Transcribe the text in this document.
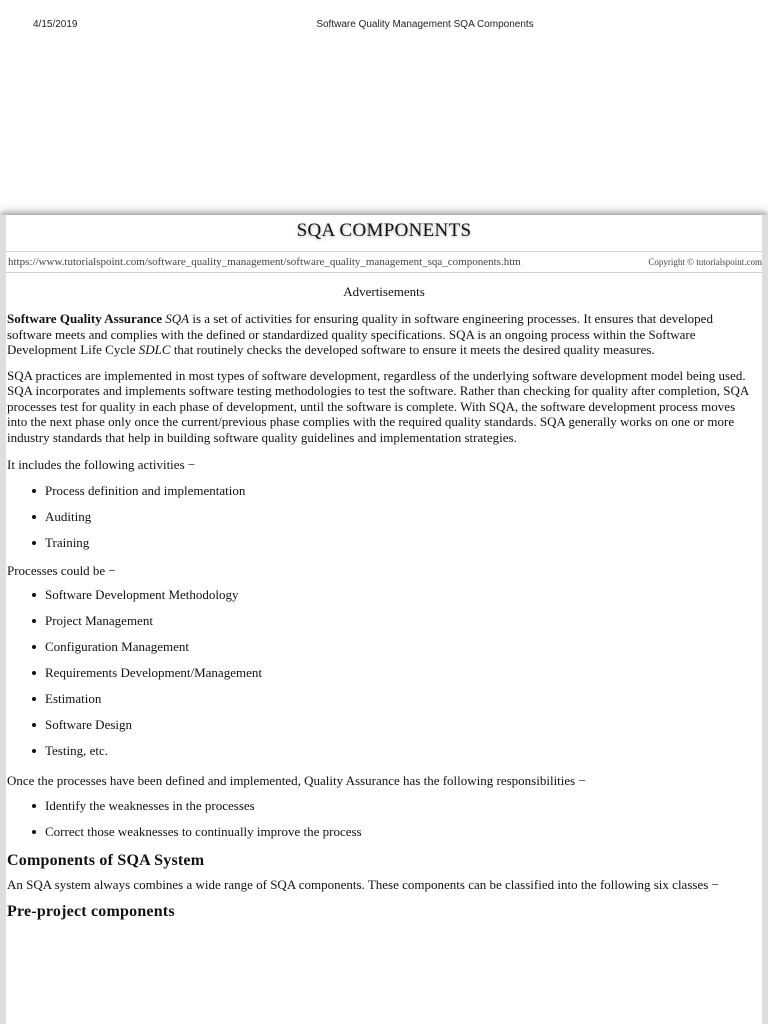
4/15/2019	Software Quality Management SQA Components
SQA COMPONENTS
https://www.tutorialspoint.com/software_quality_management/software_quality_management_sqa_components.htm	Copyright © tutorialspoint.com
Advertisements

Software Quality Assurance SQA is a set of activities for ensuring quality in software engineering processes. It ensures that developed software meets and complies with the defined or standardized quality specifications. SQA is an ongoing process within the Software Development Life Cycle SDLC that routinely checks the developed software to ensure it meets the desired quality measures.

SQA practices are implemented in most types of software development, regardless of the underlying software development model being used. SQA incorporates and implements software testing methodologies to test the software. Rather than checking for quality after completion, SQA processes test for quality in each phase of development, until the software is complete. With SQA, the software development process moves into the next phase only once the current/previous phase complies with the required quality standards. SQA generally works on one or more industry standards that help in building software quality guidelines and implementation strategies.

It includes the following activities −

Process definition and implementation
Auditing
Training

Processes could be −

Software Development Methodology
Project Management
Configuration Management
Requirements Development/Management
Estimation
Software Design
Testing, etc.

Once the processes have been defined and implemented, Quality Assurance has the following responsibilities −

Identify the weaknesses in the processes
Correct those weaknesses to continually improve the process
Components of SQA System

An SQA system always combines a wide range of SQA components. These components can be classified into the following six classes −

Pre-project components
